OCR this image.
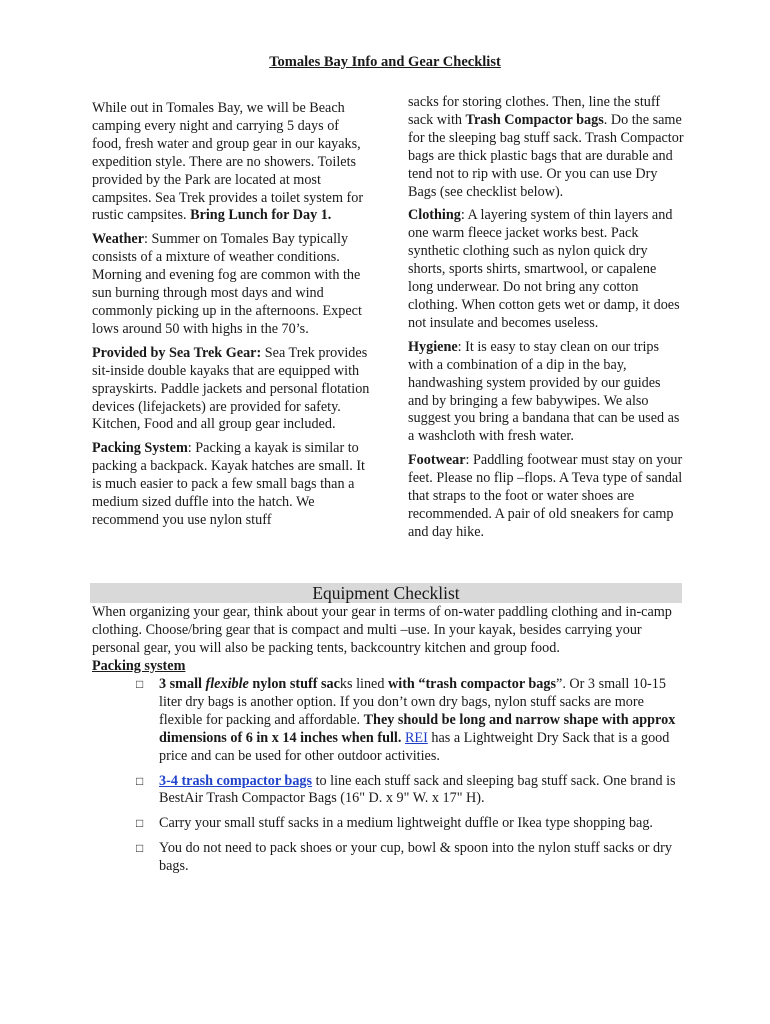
Tomales Bay Info and Gear Checklist

While out in Tomales Bay, we will be Beach camping every night and carrying 5 days of food, fresh water and group gear in our kayaks, expedition style. There are no showers. Toilets provided by the Park are located at most campsites. Sea Trek provides a toilet system for rustic campsites. Bring Lunch for Day 1.

Weather: Summer on Tomales Bay typically consists of a mixture of weather conditions. Morning and evening fog are common with the sun burning through most days and wind commonly picking up in the afternoons. Expect lows around 50 with highs in the 70’s.

Provided by Sea Trek Gear: Sea Trek provides sit-inside double kayaks that are equipped with sprayskirts. Paddle jackets and personal flotation devices (lifejackets) are provided for safety. Kitchen, Food and all group gear included.

Packing System: Packing a kayak is similar to packing a backpack. Kayak hatches are small. It is much easier to pack a few small bags than a medium sized duffle into the hatch. We recommend you use nylon stuff

sacks for storing clothes. Then, line the stuff sack with Trash Compactor bags. Do the same for the sleeping bag stuff sack. Trash Compactor bags are thick plastic bags that are durable and tend not to rip with use. Or you can use Dry Bags (see checklist below).

Clothing: A layering system of thin layers and one warm fleece jacket works best. Pack synthetic clothing such as nylon quick dry shorts, sports shirts, smartwool, or capalene long underwear. Do not bring any cotton clothing. When cotton gets wet or damp, it does not insulate and becomes useless.

Hygiene: It is easy to stay clean on our trips with a combination of a dip in the bay, handwashing system provided by our guides and by bringing a few babywipes. We also suggest you bring a bandana that can be used as a washcloth with fresh water.

Footwear: Paddling footwear must stay on your feet. Please no flip –flops. A Teva type of sandal that straps to the foot or water shoes are recommended. A pair of old sneakers for camp and day hike.

Equipment Checklist
When organizing your gear, think about your gear in terms of on-water paddling clothing and in-camp clothing. Choose/bring gear that is compact and multi –use. In your kayak, besides carrying your personal gear, you will also be packing tents, backcountry kitchen and group food.
Packing system
□ 3 small flexible nylon stuff sacks lined with “trash compactor bags”. Or 3 small 10-15 liter dry bags is another option. If you don’t own dry bags, nylon stuff sacks are more flexible for packing and affordable. They should be long and narrow shape with approx dimensions of 6 in x 14 inches when full. REI has a Lightweight Dry Sack that is a good price and can be used for other outdoor activities.
□ 3-4 trash compactor bags to line each stuff sack and sleeping bag stuff sack. One brand is BestAir Trash Compactor Bags (16" D. x 9" W. x 17" H).
□ Carry your small stuff sacks in a medium lightweight duffle or Ikea type shopping bag.
□ You do not need to pack shoes or your cup, bowl & spoon into the nylon stuff sacks or dry bags.
